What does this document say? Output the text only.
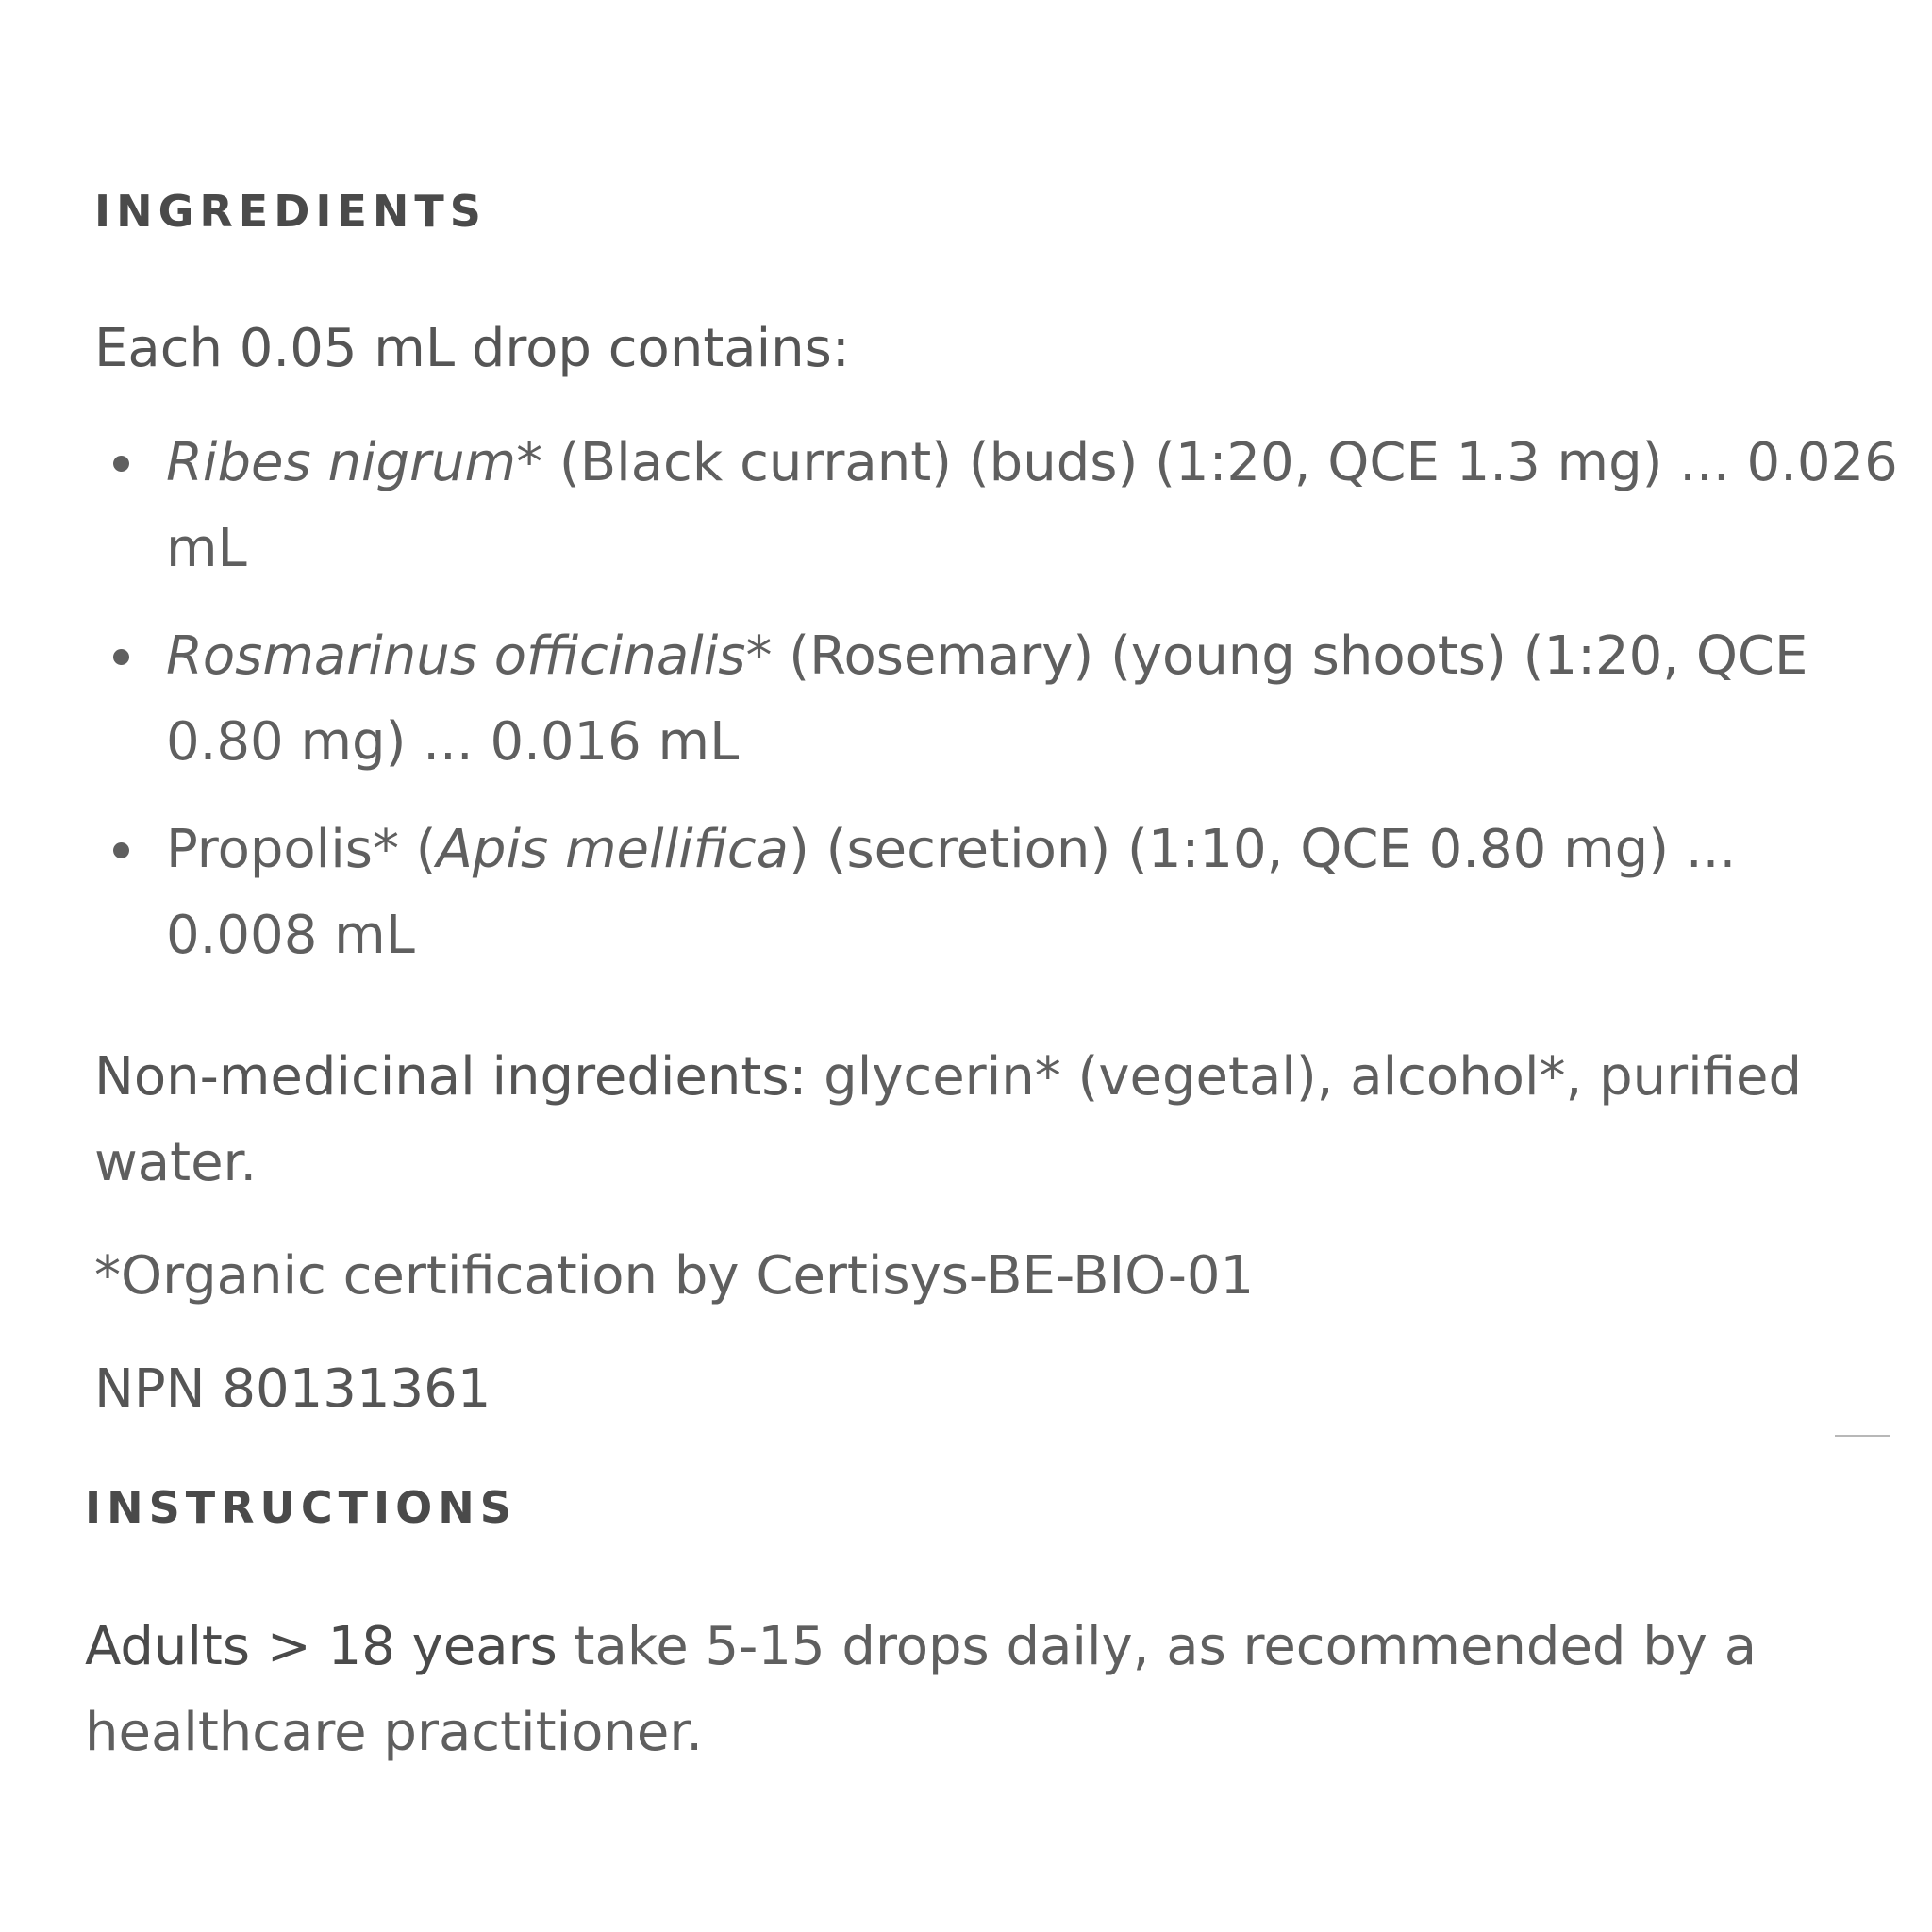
INGREDIENTS
Each 0.05 mL drop contains:
Ribes nigrum* (Black currant) (buds) (1:20, QCE 1.3 mg) ... 0.026
mL
Rosmarinus officinalis* (Rosemary) (young shoots) (1:20, QCE
0.80 mg) ... 0.016 mL
Propolis* (Apis mellifica) (secretion) (1:10, QCE 0.80 mg) ...
0.008 mL
Non-medicinal ingredients: glycerin* (vegetal), alcohol*, purified
water.
*Organic certification by Certisys-BE-BIO-01
NPN 80131361
INSTRUCTIONS
Adults > 18 years take 5-15 drops daily, as recommended by a
healthcare practitioner.
